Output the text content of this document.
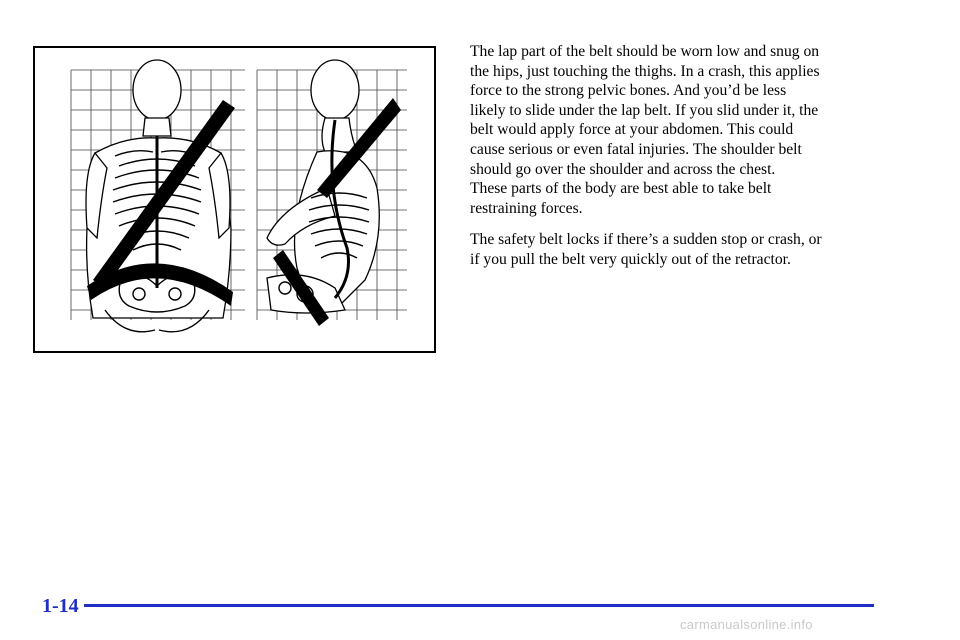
The lap part of the belt should be worn low and snug on
the hips, just touching the thighs. In a crash, this applies
force to the strong pelvic bones. And you’d be less
likely to slide under the lap belt. If you slid under it, the
belt would apply force at your abdomen. This could
cause serious or even fatal injuries. The shoulder belt
should go over the shoulder and across the chest.
These parts of the body are best able to take belt
restraining forces.

The safety belt locks if there’s a sudden stop or crash, or
if you pull the belt very quickly out of the retractor.

1-14
carmanualsonline.info
